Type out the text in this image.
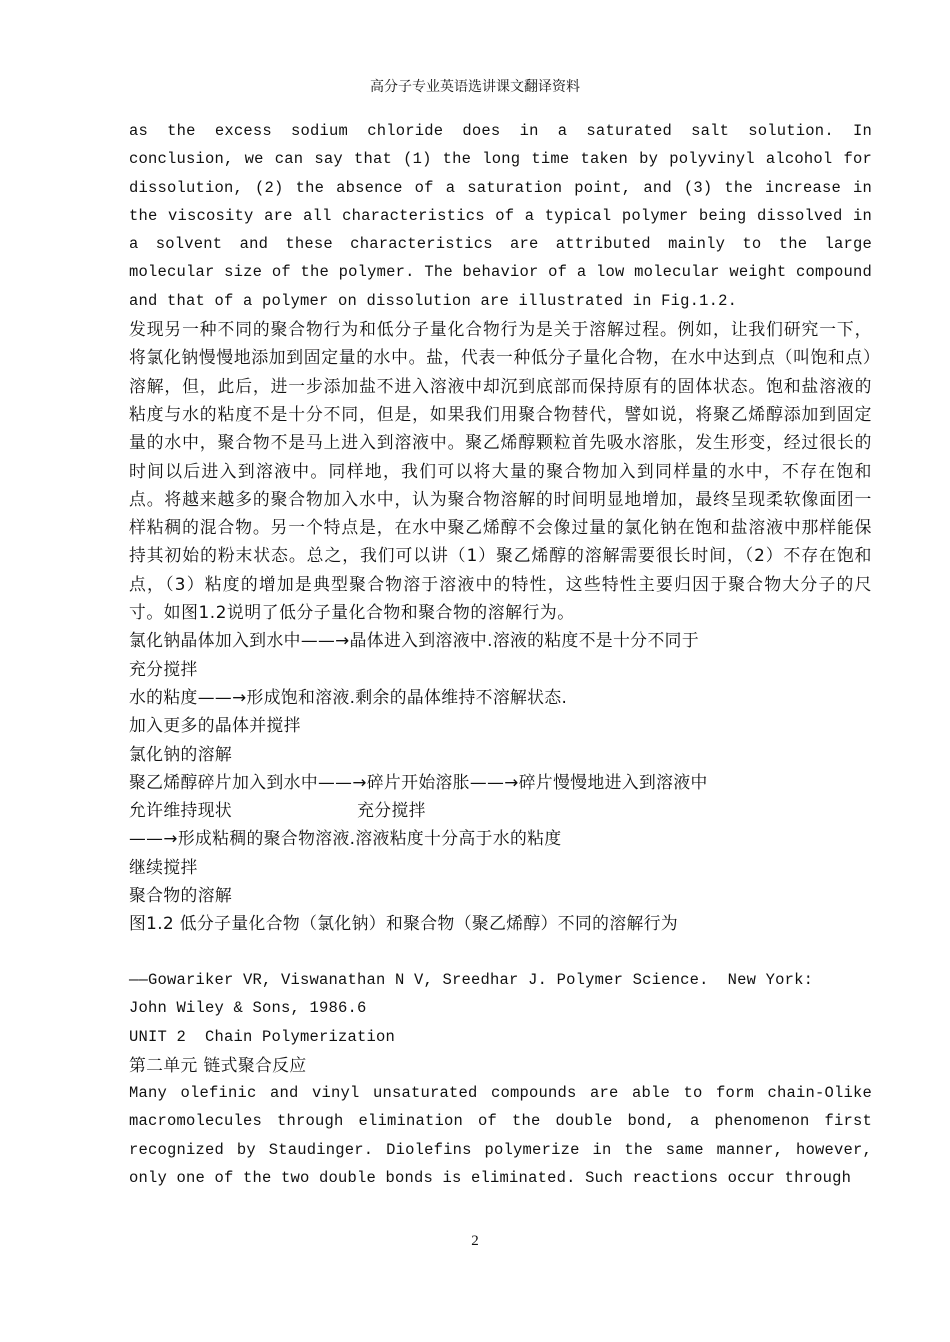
高分子专业英语选讲课文翻译资料

as the excess sodium chloride does in a saturated salt solution. In conclusion, we can say that (1) the long time taken by polyvinyl alcohol for dissolution, (2) the absence of a saturation point, and (3) the increase in the viscosity are all characteristics of a typical polymer being dissolved in a solvent and these characteristics are attributed mainly to the large molecular size of the polymer. The behavior of a low molecular weight compound and that of a polymer on dissolution are illustrated in Fig.1.2.

发现另一种不同的聚合物行为和低分子量化合物行为是关于溶解过程。例如，让我们研究一下，将氯化钠慢慢地添加到固定量的水中。盐，代表一种低分子量化合物，在水中达到点（叫饱和点）溶解，但，此后，进一步添加盐不进入溶液中却沉到底部而保持原有的固体状态。饱和盐溶液的粘度与水的粘度不是十分不同，但是，如果我们用聚合物替代，譬如说，将聚乙烯醇添加到固定量的水中，聚合物不是马上进入到溶液中。聚乙烯醇颗粒首先吸水溶胀，发生形变，经过很长的时间以后进入到溶液中。同样地，我们可以将大量的聚合物加入到同样量的水中，不存在饱和点。将越来越多的聚合物加入水中，认为聚合物溶解的时间明显地增加，最终呈现柔软像面团一样粘稠的混合物。另一个特点是，在水中聚乙烯醇不会像过量的氯化钠在饱和盐溶液中那样能保持其初始的粉末状态。总之，我们可以讲（1）聚乙烯醇的溶解需要很长时间，（2）不存在饱和点，（3）粘度的增加是典型聚合物溶于溶液中的特性，这些特性主要归因于聚合物大分子的尺寸。如图1.2说明了低分子量化合物和聚合物的溶解行为。

氯化钠晶体加入到水中——→晶体进入到溶液中.溶液的粘度不是十分不同于

充分搅拌

水的粘度——→形成饱和溶液.剩余的晶体维持不溶解状态.

加入更多的晶体并搅拌

氯化钠的溶解

聚乙烯醇碎片加入到水中——→碎片开始溶胀——→碎片慢慢地进入到溶液中

允许维持现状	充分搅拌

——→形成粘稠的聚合物溶液.溶液粘度十分高于水的粘度

继续搅拌

聚合物的溶解

图1.2 低分子量化合物（氯化钠）和聚合物（聚乙烯醇）不同的溶解行为

——Gowariker VR, Viswanathan N V, Sreedhar J. Polymer Science.  New York:

John Wiley & Sons, 1986.6

UNIT 2  Chain Polymerization

第二单元 链式聚合反应

Many olefinic and vinyl unsaturated compounds are able to form chain-Olike macromolecules through elimination of the double bond, a phenomenon first recognized by Staudinger. Diolefins polymerize in the same manner, however, only one of the two double bonds is eliminated. Such reactions occur through

2
